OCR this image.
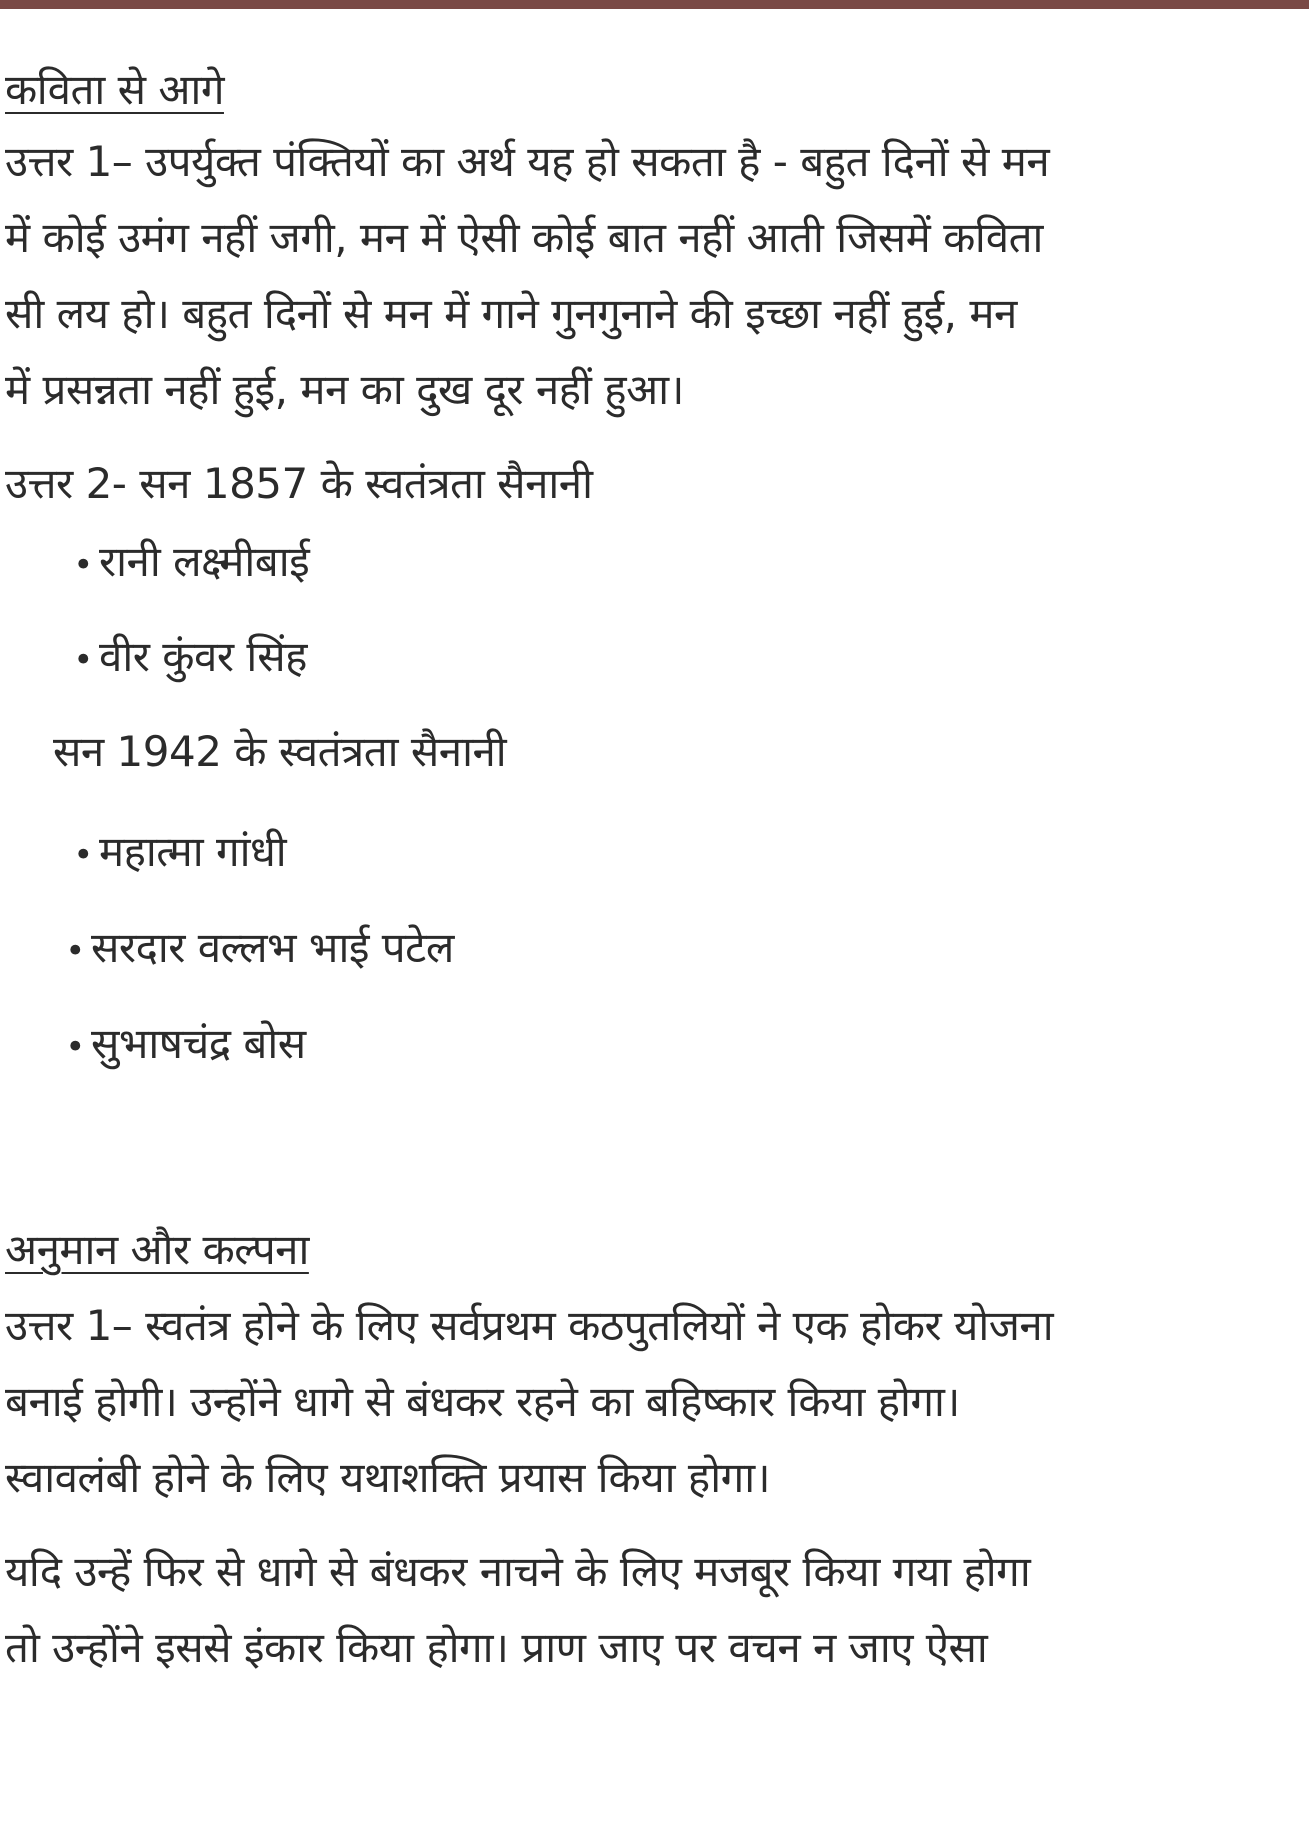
कविता से आगे

उत्तर 1– उपर्युक्त पंक्तियों का अर्थ यह हो सकता है - बहुत दिनों से मन
में कोई उमंग नहीं जगी, मन में ऐसी कोई बात नहीं आती जिसमें कविता
सी लय हो। बहुत दिनों से मन में गाने गुनगुनाने की इच्छा नहीं हुई, मन
में प्रसन्नता नहीं हुई, मन का दुख दूर नहीं हुआ।

उत्तर 2- सन 1857 के स्वतंत्रता सैनानी

• रानी लक्ष्मीबाई
• वीर कुंवर सिंह
सन 1942 के स्वतंत्रता सैनानी
• महात्मा गांधी
• सरदार वल्लभ भाई पटेल
• सुभाषचंद्र बोस
अनुमान और कल्पना

उत्तर 1– स्वतंत्र होने के लिए सर्वप्रथम कठपुतलियों ने एक होकर योजना
बनाई होगी। उन्होंने धागे से बंधकर रहने का बहिष्कार किया होगा।
स्वावलंबी होने के लिए यथाशक्ति प्रयास किया होगा।

यदि उन्हें फिर से धागे से बंधकर नाचने के लिए मजबूर किया गया होगा
तो उन्होंने इससे इंकार किया होगा। प्राण जाए पर वचन न जाए ऐसा
